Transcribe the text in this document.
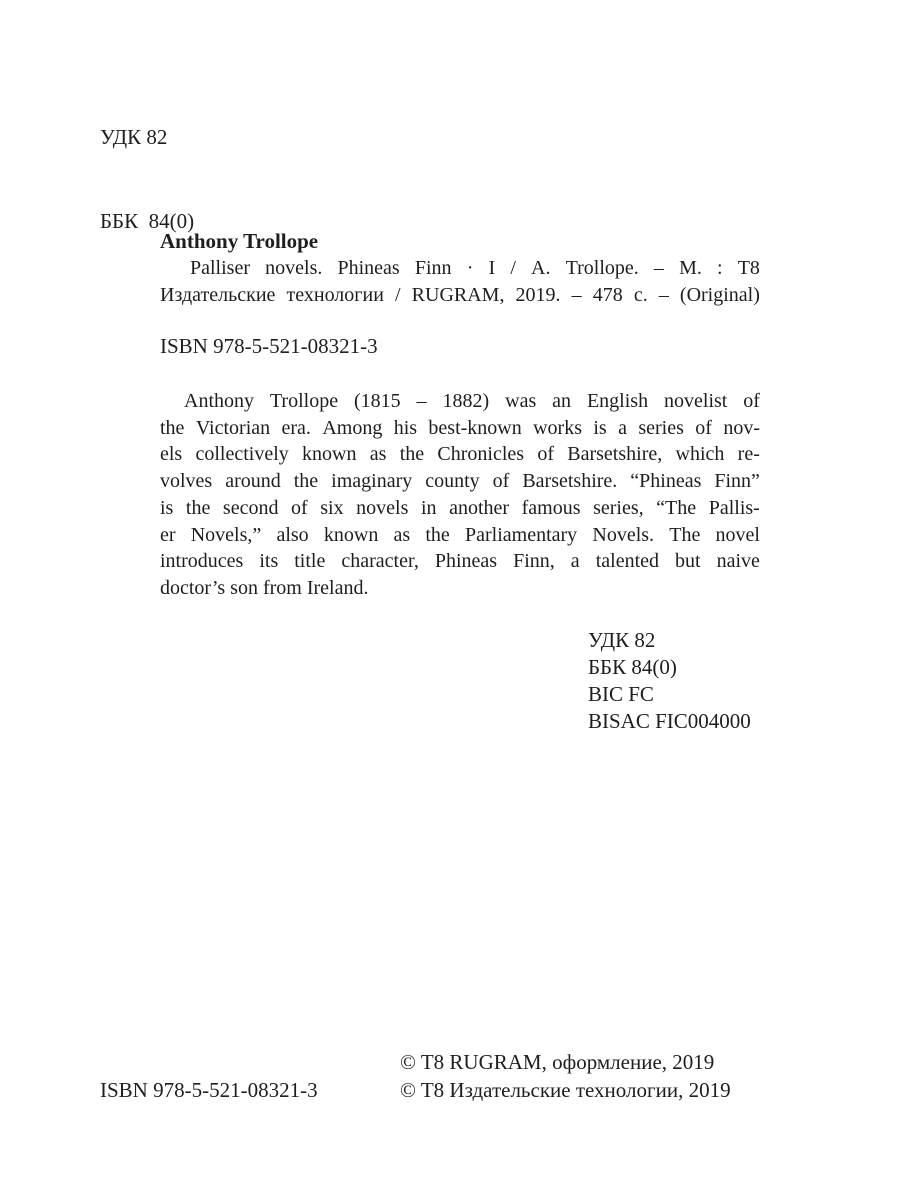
УДК 82

ББК  84(0)

Anthony Trollope
Palliser novels. Phineas Finn · I / A. Trollope. – M. : T8
Издательские технологии / RUGRAM, 2019. – 478 с. – (Original)
ISBN 978-5-521-08321-3
Anthony Trollope (1815 – 1882) was an English novelist of
the Victorian era. Among his best-known works is a series of nov-
els collectively known as the Chronicles of Barsetshire, which re-
volves around the imaginary county of Barsetshire. “Phineas Finn”
is the second of six novels in another famous series, “The Pallis-
er Novels,” also known as the Parliamentary Novels. The novel
introduces its title character, Phineas Finn, a talented but naive
doctor’s son from Ireland.
УДК 82
ББК 84(0)
BIC FC
BISAC FIC004000
ISBN 978-5-521-08321-3
© T8 RUGRAM, оформление, 2019
© T8 Издательские технологии, 2019
